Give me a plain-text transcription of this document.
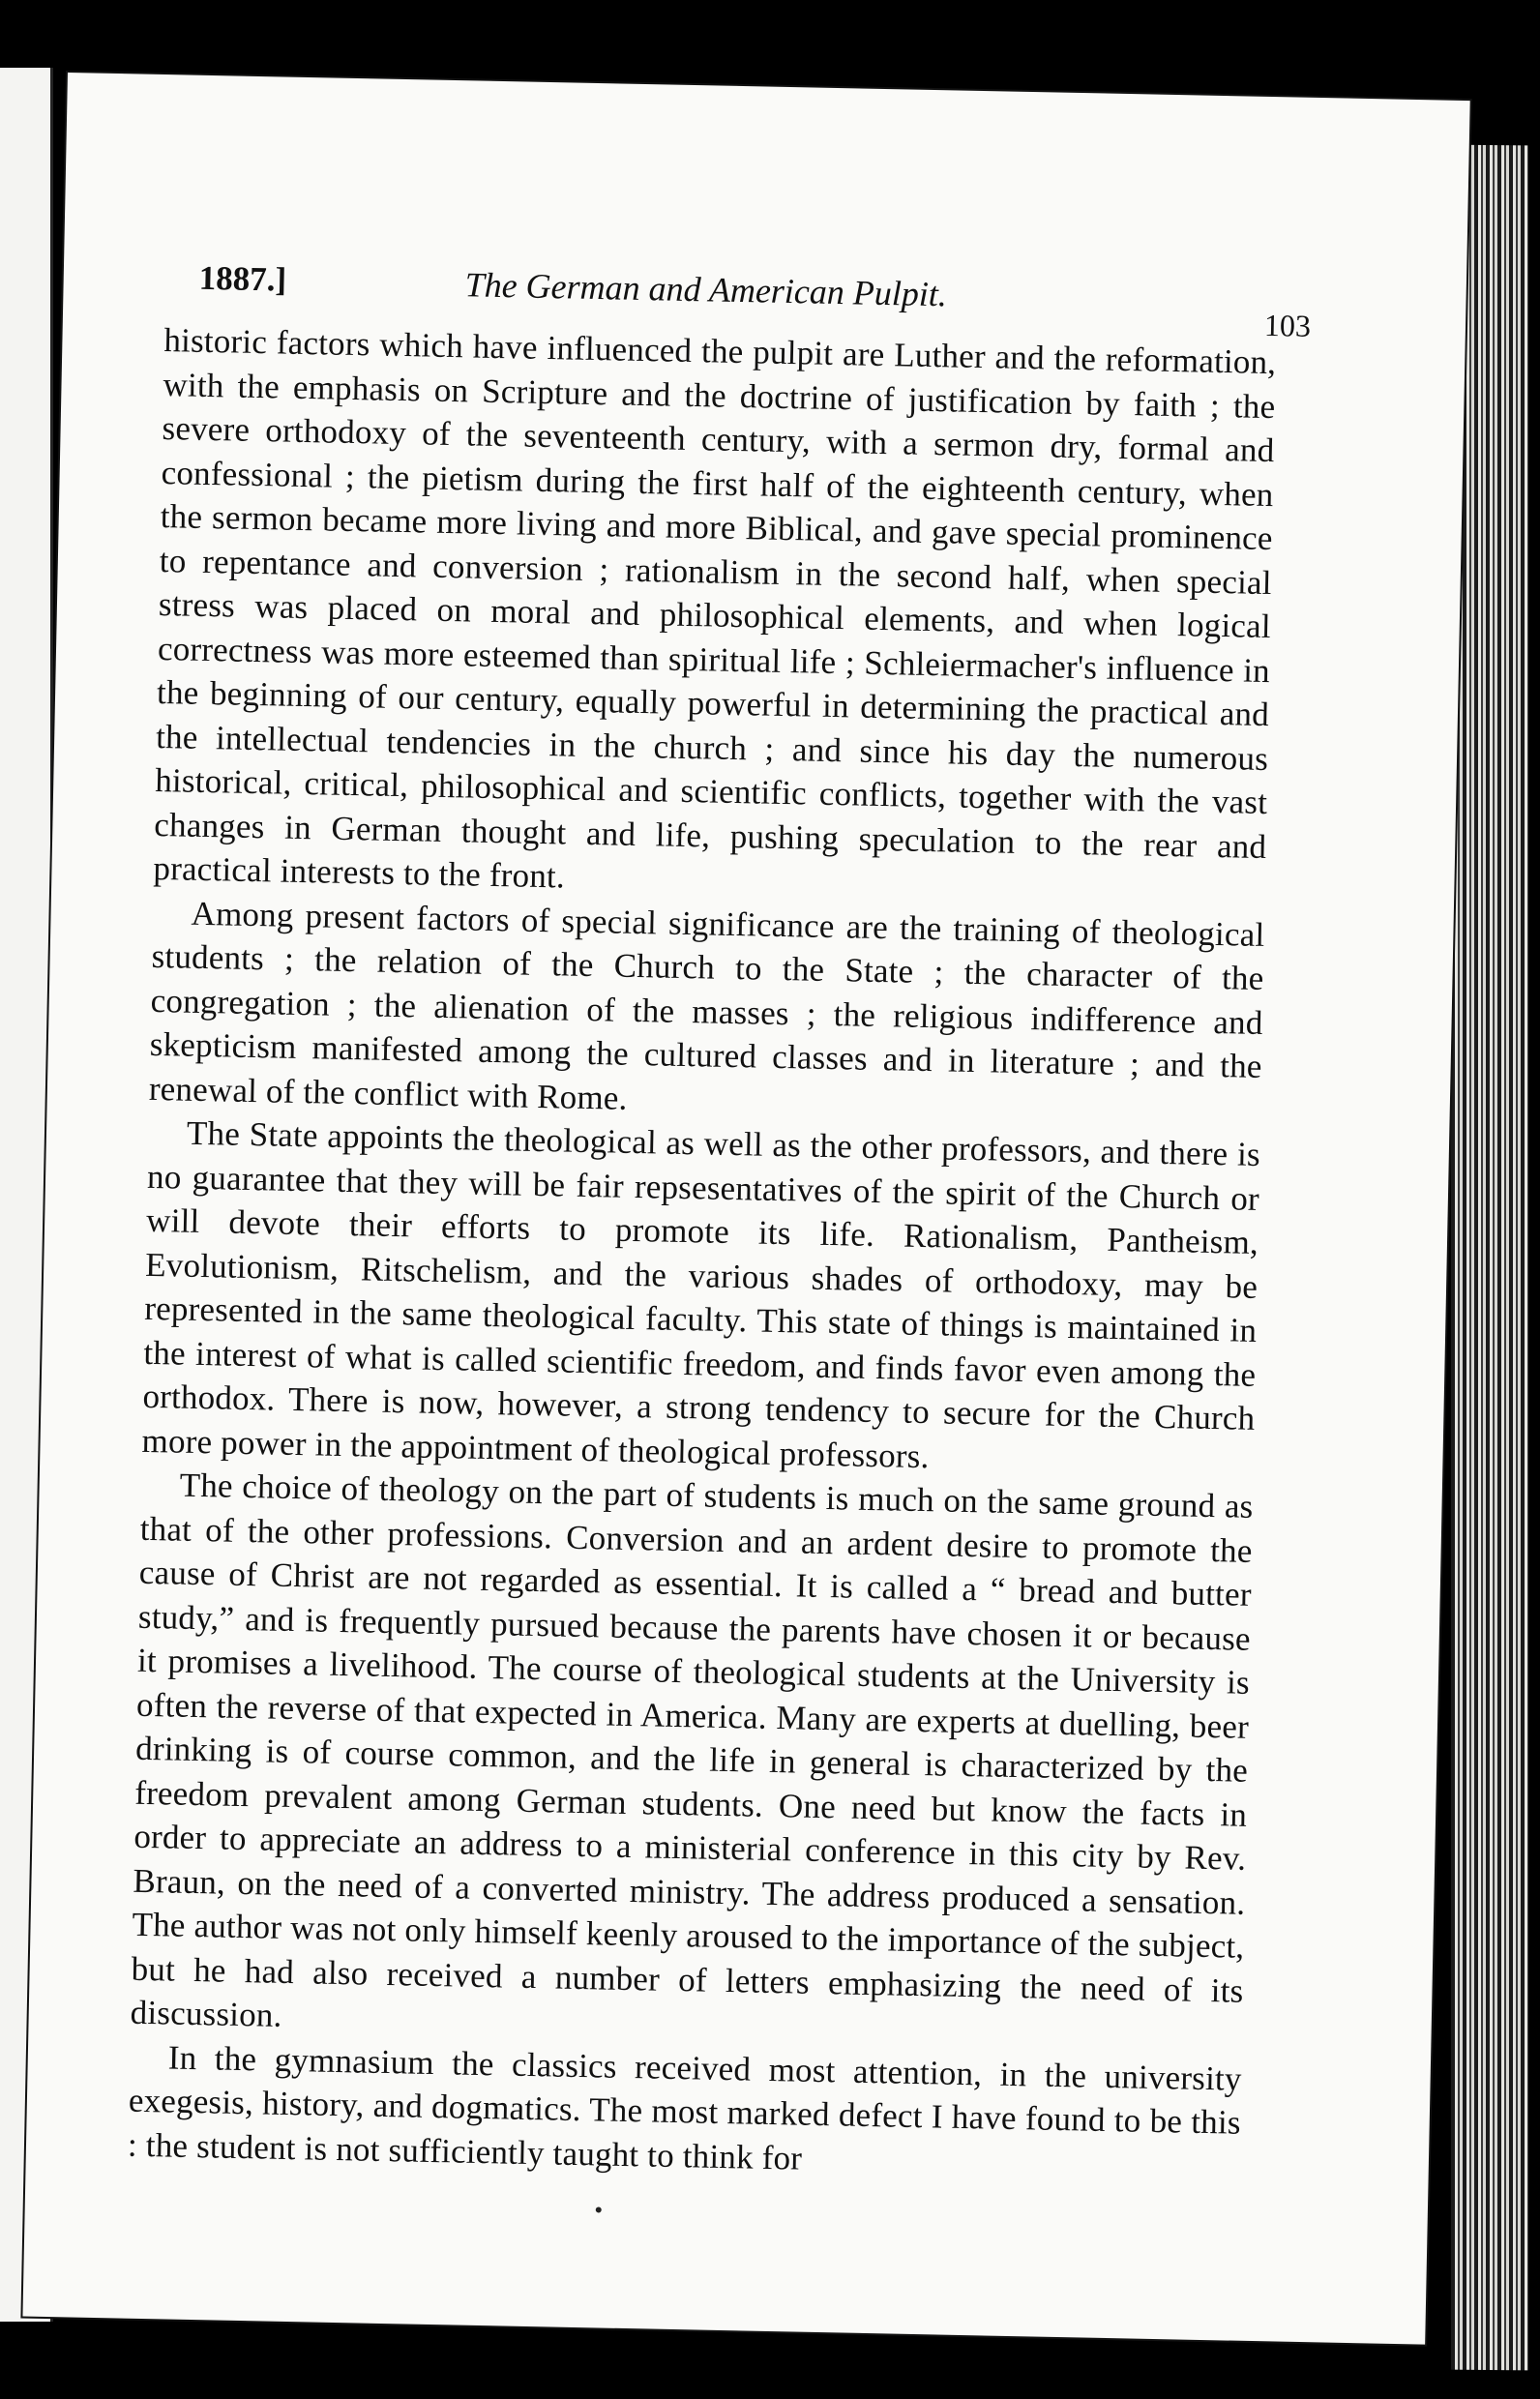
1887.]	The German and American Pulpit.
103

historic factors which have influenced the pulpit are Luther and the reformation, with the emphasis on Scripture and the doctrine of justification by faith ; the severe orthodoxy of the seventeenth century, with a sermon dry, formal and confessional ; the pietism during the first half of the eighteenth century, when the sermon became more living and more Biblical, and gave special prominence to repentance and conversion ; rationalism in the second half, when special stress was placed on moral and philosophical elements, and when logical correctness was more esteemed than spiritual life ; Schleiermacher's influence in the beginning of our century, equally powerful in determining the practical and the intellectual tendencies in the church ; and since his day the numerous historical, critical, philosophical and scientific conflicts, together with the vast changes in German thought and life, pushing speculation to the rear and practical interests to the front.

Among present factors of special significance are the training of theological students ; the relation of the Church to the State ; the character of the congregation ; the alienation of the masses ; the religious indifference and skepticism manifested among the cultured classes and in literature ; and the renewal of the conflict with Rome.

The State appoints the theological as well as the other professors, and there is no guarantee that they will be fair repsesentatives of the spirit of the Church or will devote their efforts to promote its life. Rationalism, Pantheism, Evolutionism, Ritschelism, and the various shades of orthodoxy, may be represented in the same theological faculty. This state of things is maintained in the interest of what is called scientific freedom, and finds favor even among the orthodox. There is now, however, a strong tendency to secure for the Church more power in the appointment of theological professors.

The choice of theology on the part of students is much on the same ground as that of the other professions. Conversion and an ardent desire to promote the cause of Christ are not regarded as essential. It is called a “ bread and butter study,” and is frequently pursued because the parents have chosen it or because it promises a livelihood. The course of theological students at the University is often the reverse of that expected in America. Many are experts at duelling, beer drinking is of course common, and the life in general is characterized by the freedom prevalent among German students. One need but know the facts in order to appreciate an address to a ministerial conference in this city by Rev. Braun, on the need of a converted ministry. The address produced a sensation. The author was not only himself keenly aroused to the importance of the subject, but he had also received a number of letters emphasizing the need of its discussion.

In the gymnasium the classics received most attention, in the university exegesis, history, and dogmatics. The most marked defect I have found to be this : the student is not sufficiently taught to think for
